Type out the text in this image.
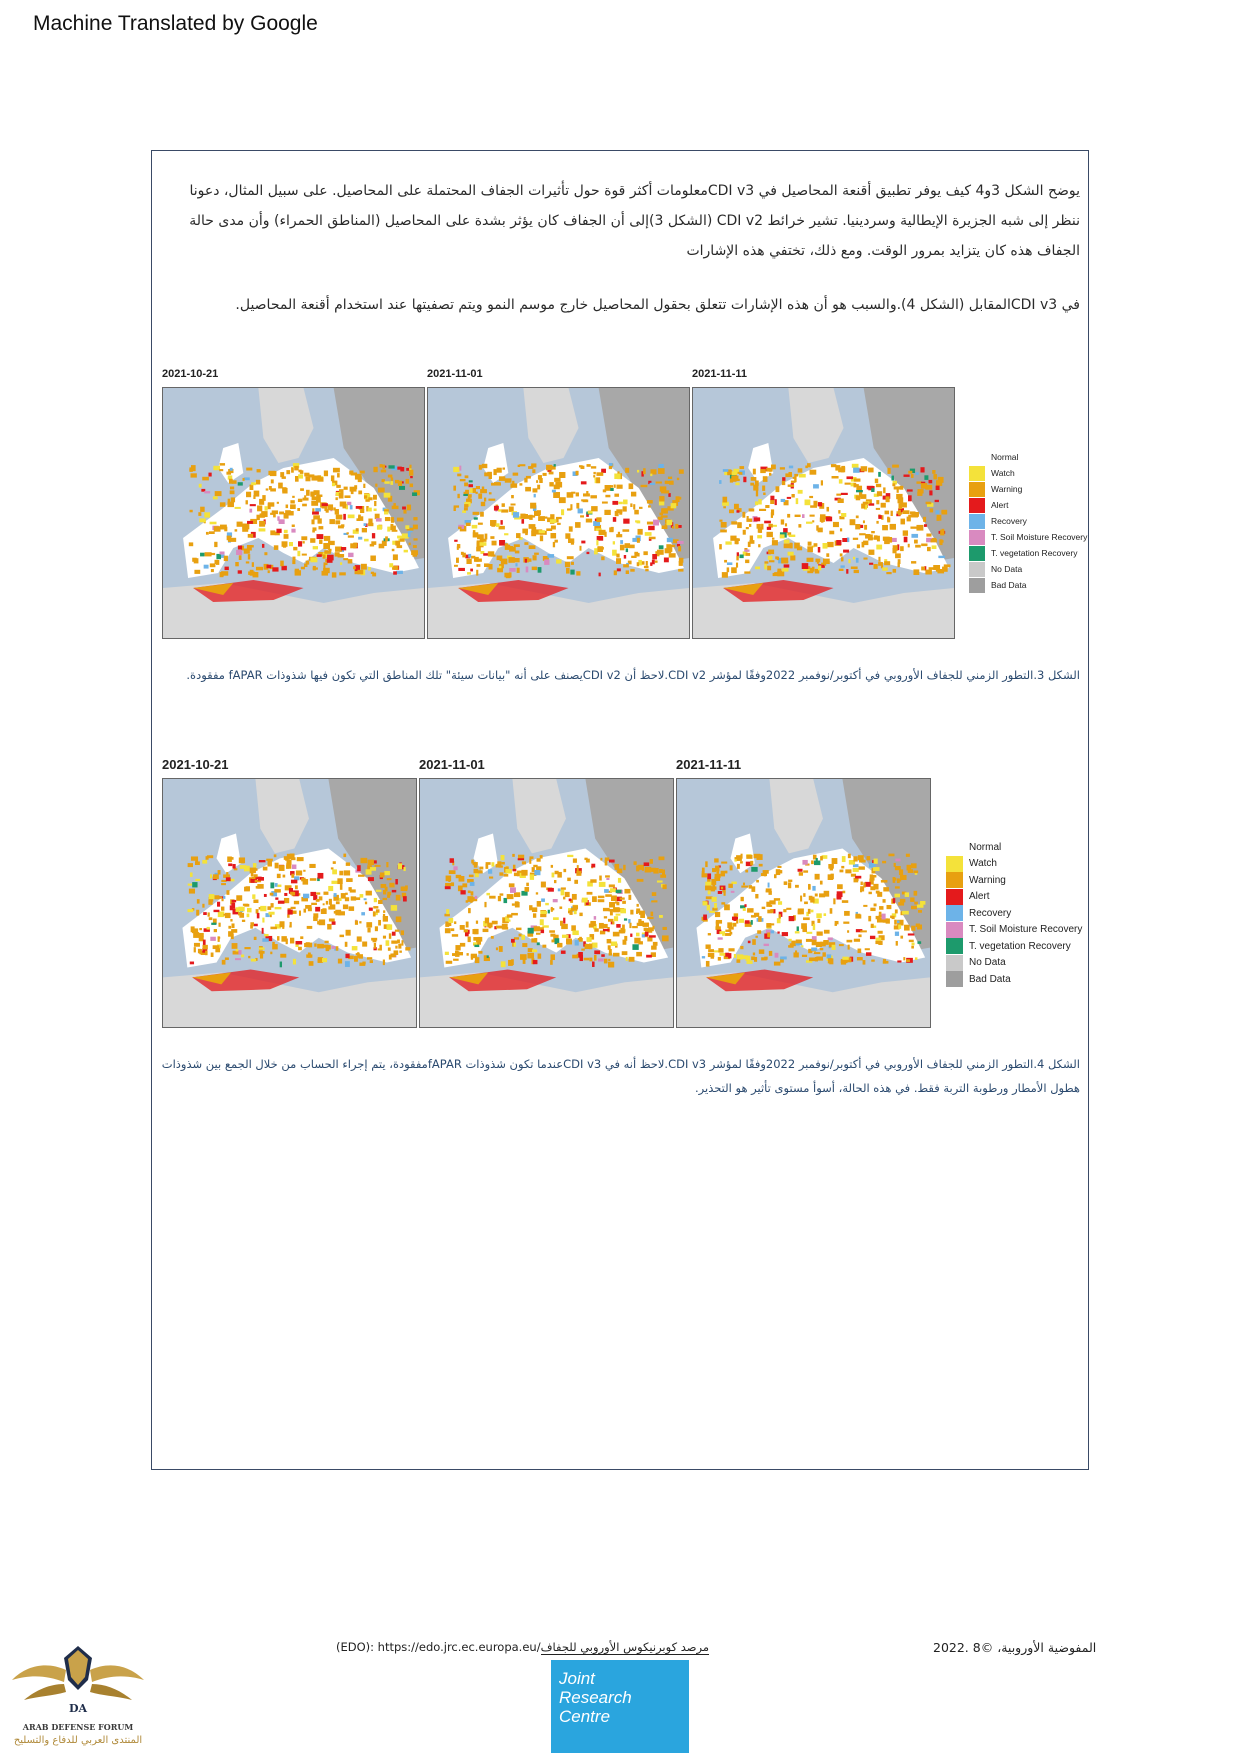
Machine Translated by Google
يوضح الشكل 3و4 كيف يوفر تطبيق أقنعة المحاصيل في CDI v3معلومات أكثر قوة حول تأثيرات الجفاف المحتملة على المحاصيل. على سبيل المثال، دعونا ننظر إلى شبه الجزيرة الإيطالية وسردينيا. تشير خرائط CDI v2 (الشكل 3)إلى أن الجفاف كان يؤثر بشدة على المحاصيل (المناطق الحمراء) وأن مدى حالة الجفاف هذه كان يتزايد بمرور الوقت. ومع ذلك، تختفي هذه الإشارات
في CDI v3المقابل (الشكل 4).والسبب هو أن هذه الإشارات تتعلق بحقول المحاصيل خارج موسم النمو ويتم تصفيتها عند استخدام أقنعة المحاصيل.
2021-10-21	2021-11-01	2021-11-11
Normal
Watch
Warning
Alert
Recovery
T. Soil Moisture Recovery
T. vegetation Recovery
No Data
Bad Data
الشكل 3.التطور الزمني للجفاف الأوروبي في أكتوبر/نوفمبر 2022وفقًا لمؤشر CDI v2.لاحظ أن CDI v2يصنف على أنه "بيانات سيئة" تلك المناطق التي تكون فيها شذوذات fAPAR مفقودة.
2021-10-21	2021-11-01	2021-11-11
Normal
Watch
Warning
Alert
Recovery
T. Soil Moisture Recovery
T. vegetation Recovery
No Data
Bad Data
الشكل 4.التطور الزمني للجفاف الأوروبي في أكتوبر/نوفمبر 2022وفقًا لمؤشر CDI v3.لاحظ أنه في CDI v3عندما تكون شذوذات fAPARمفقودة، يتم إجراء الحساب من خلال الجمع بين شذوذات هطول الأمطار ورطوبة التربة فقط. في هذه الحالة، أسوأ مستوى تأثير هو التحذير.
(EDO): https://edo.jrc.ec.europa.eu/مرصد كوبرنيكوس الأوروبي للجفاف	2022. المفوضية الأوروبية، ©8
Joint
Research
Centre
DA
ARAB DEFENSE FORUM
المنتدى العربي للدفاع والتسليح
